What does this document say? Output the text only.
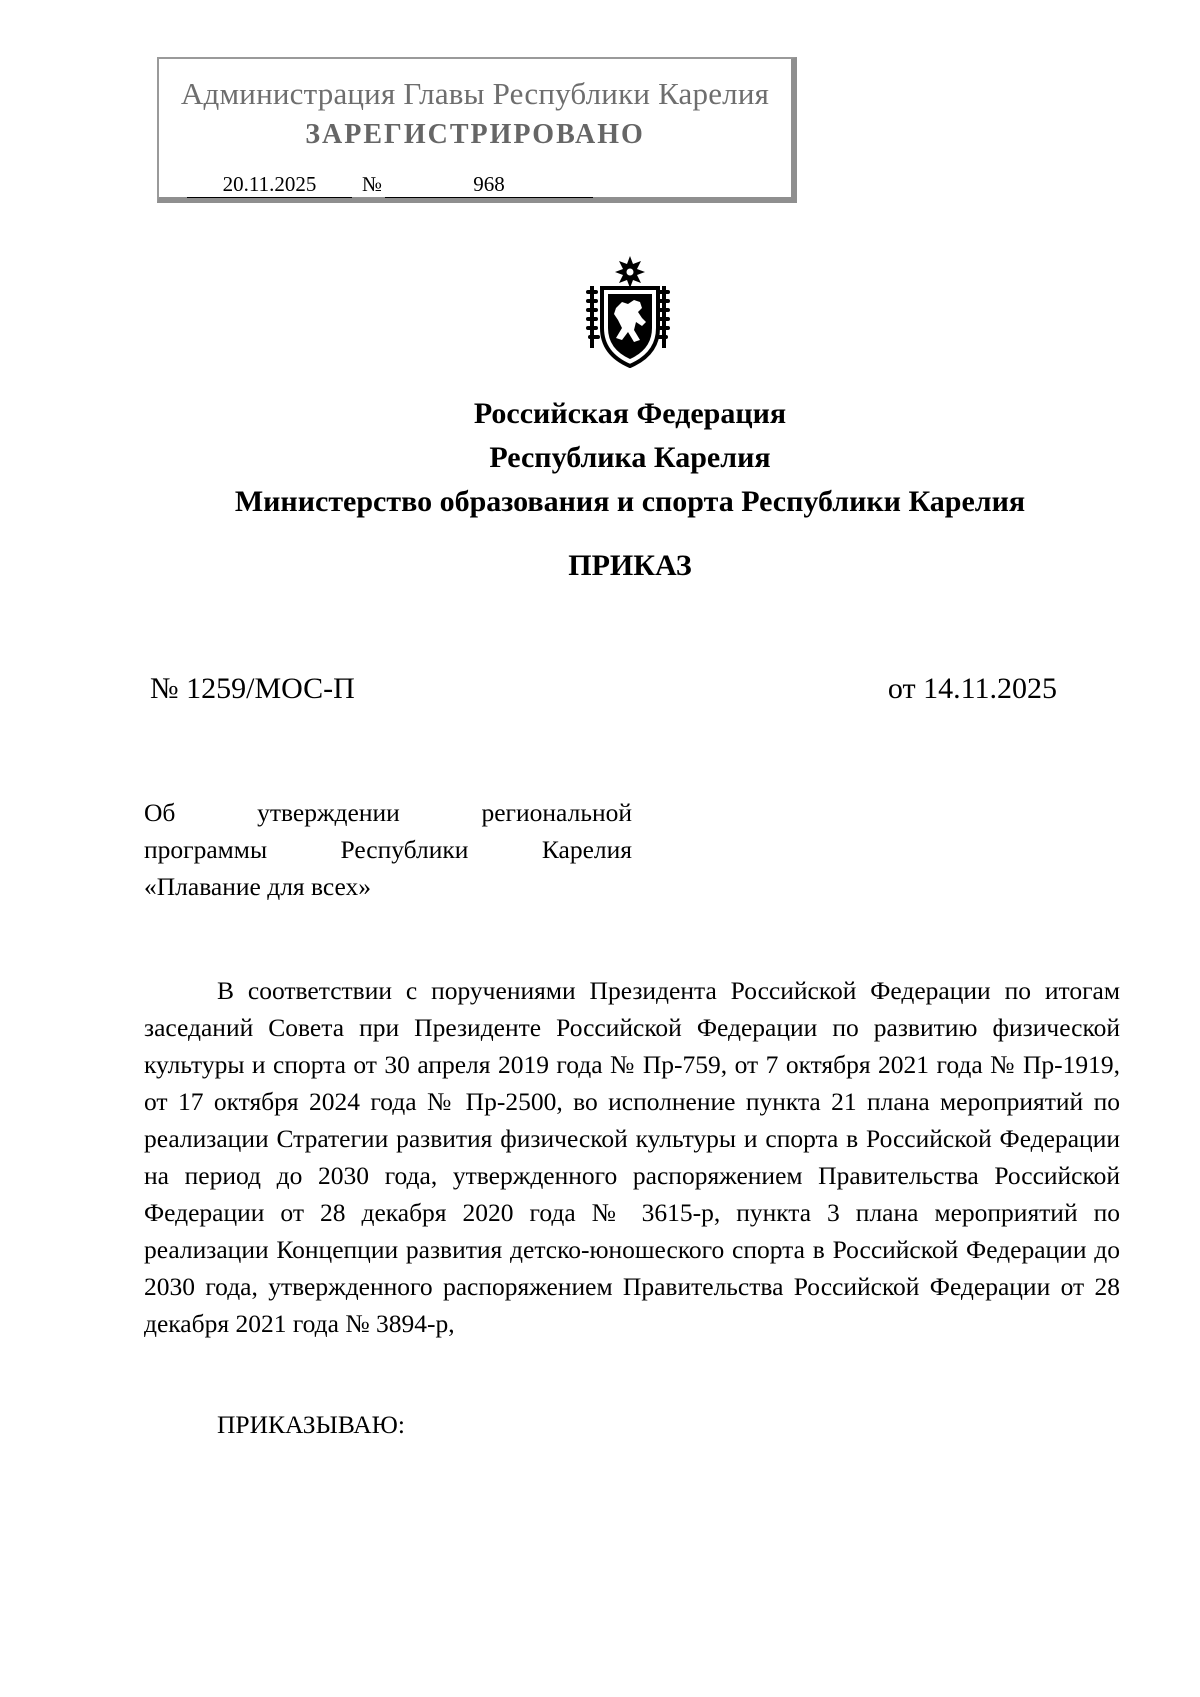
Администрация Главы Республики Карелия
ЗАРЕГИСТРИРОВАНО
20.11.2025	№	968
Российская Федерация
Республика Карелия
Министерство образования и спорта Республики Карелия
ПРИКАЗ
№ 1259/МОС-П	от 14.11.2025
Об утверждении региональной
программы Республики Карелия
«Плавание для всех»

В соответствии с поручениями Президента Российской Федерации по итогам заседаний Совета при Президенте Российской Федерации по развитию физической культуры и спорта от 30 апреля 2019 года № Пр-759, от 7 октября 2021 года № Пр-1919, от 17 октября 2024 года № Пр-2500, во исполнение пункта 21 плана мероприятий по реализации Стратегии развития физической культуры и спорта в Российской Федерации на период до 2030 года, утвержденного распоряжением Правительства Российской Федерации от 28 декабря 2020 года № 3615-р, пункта 3 плана мероприятий по реализации Концепции развития детско-юношеского спорта в Российской Федерации до 2030 года, утвержденного распоряжением Правительства Российской Федерации от 28 декабря 2021 года № 3894-р,

ПРИКАЗЫВАЮ:
